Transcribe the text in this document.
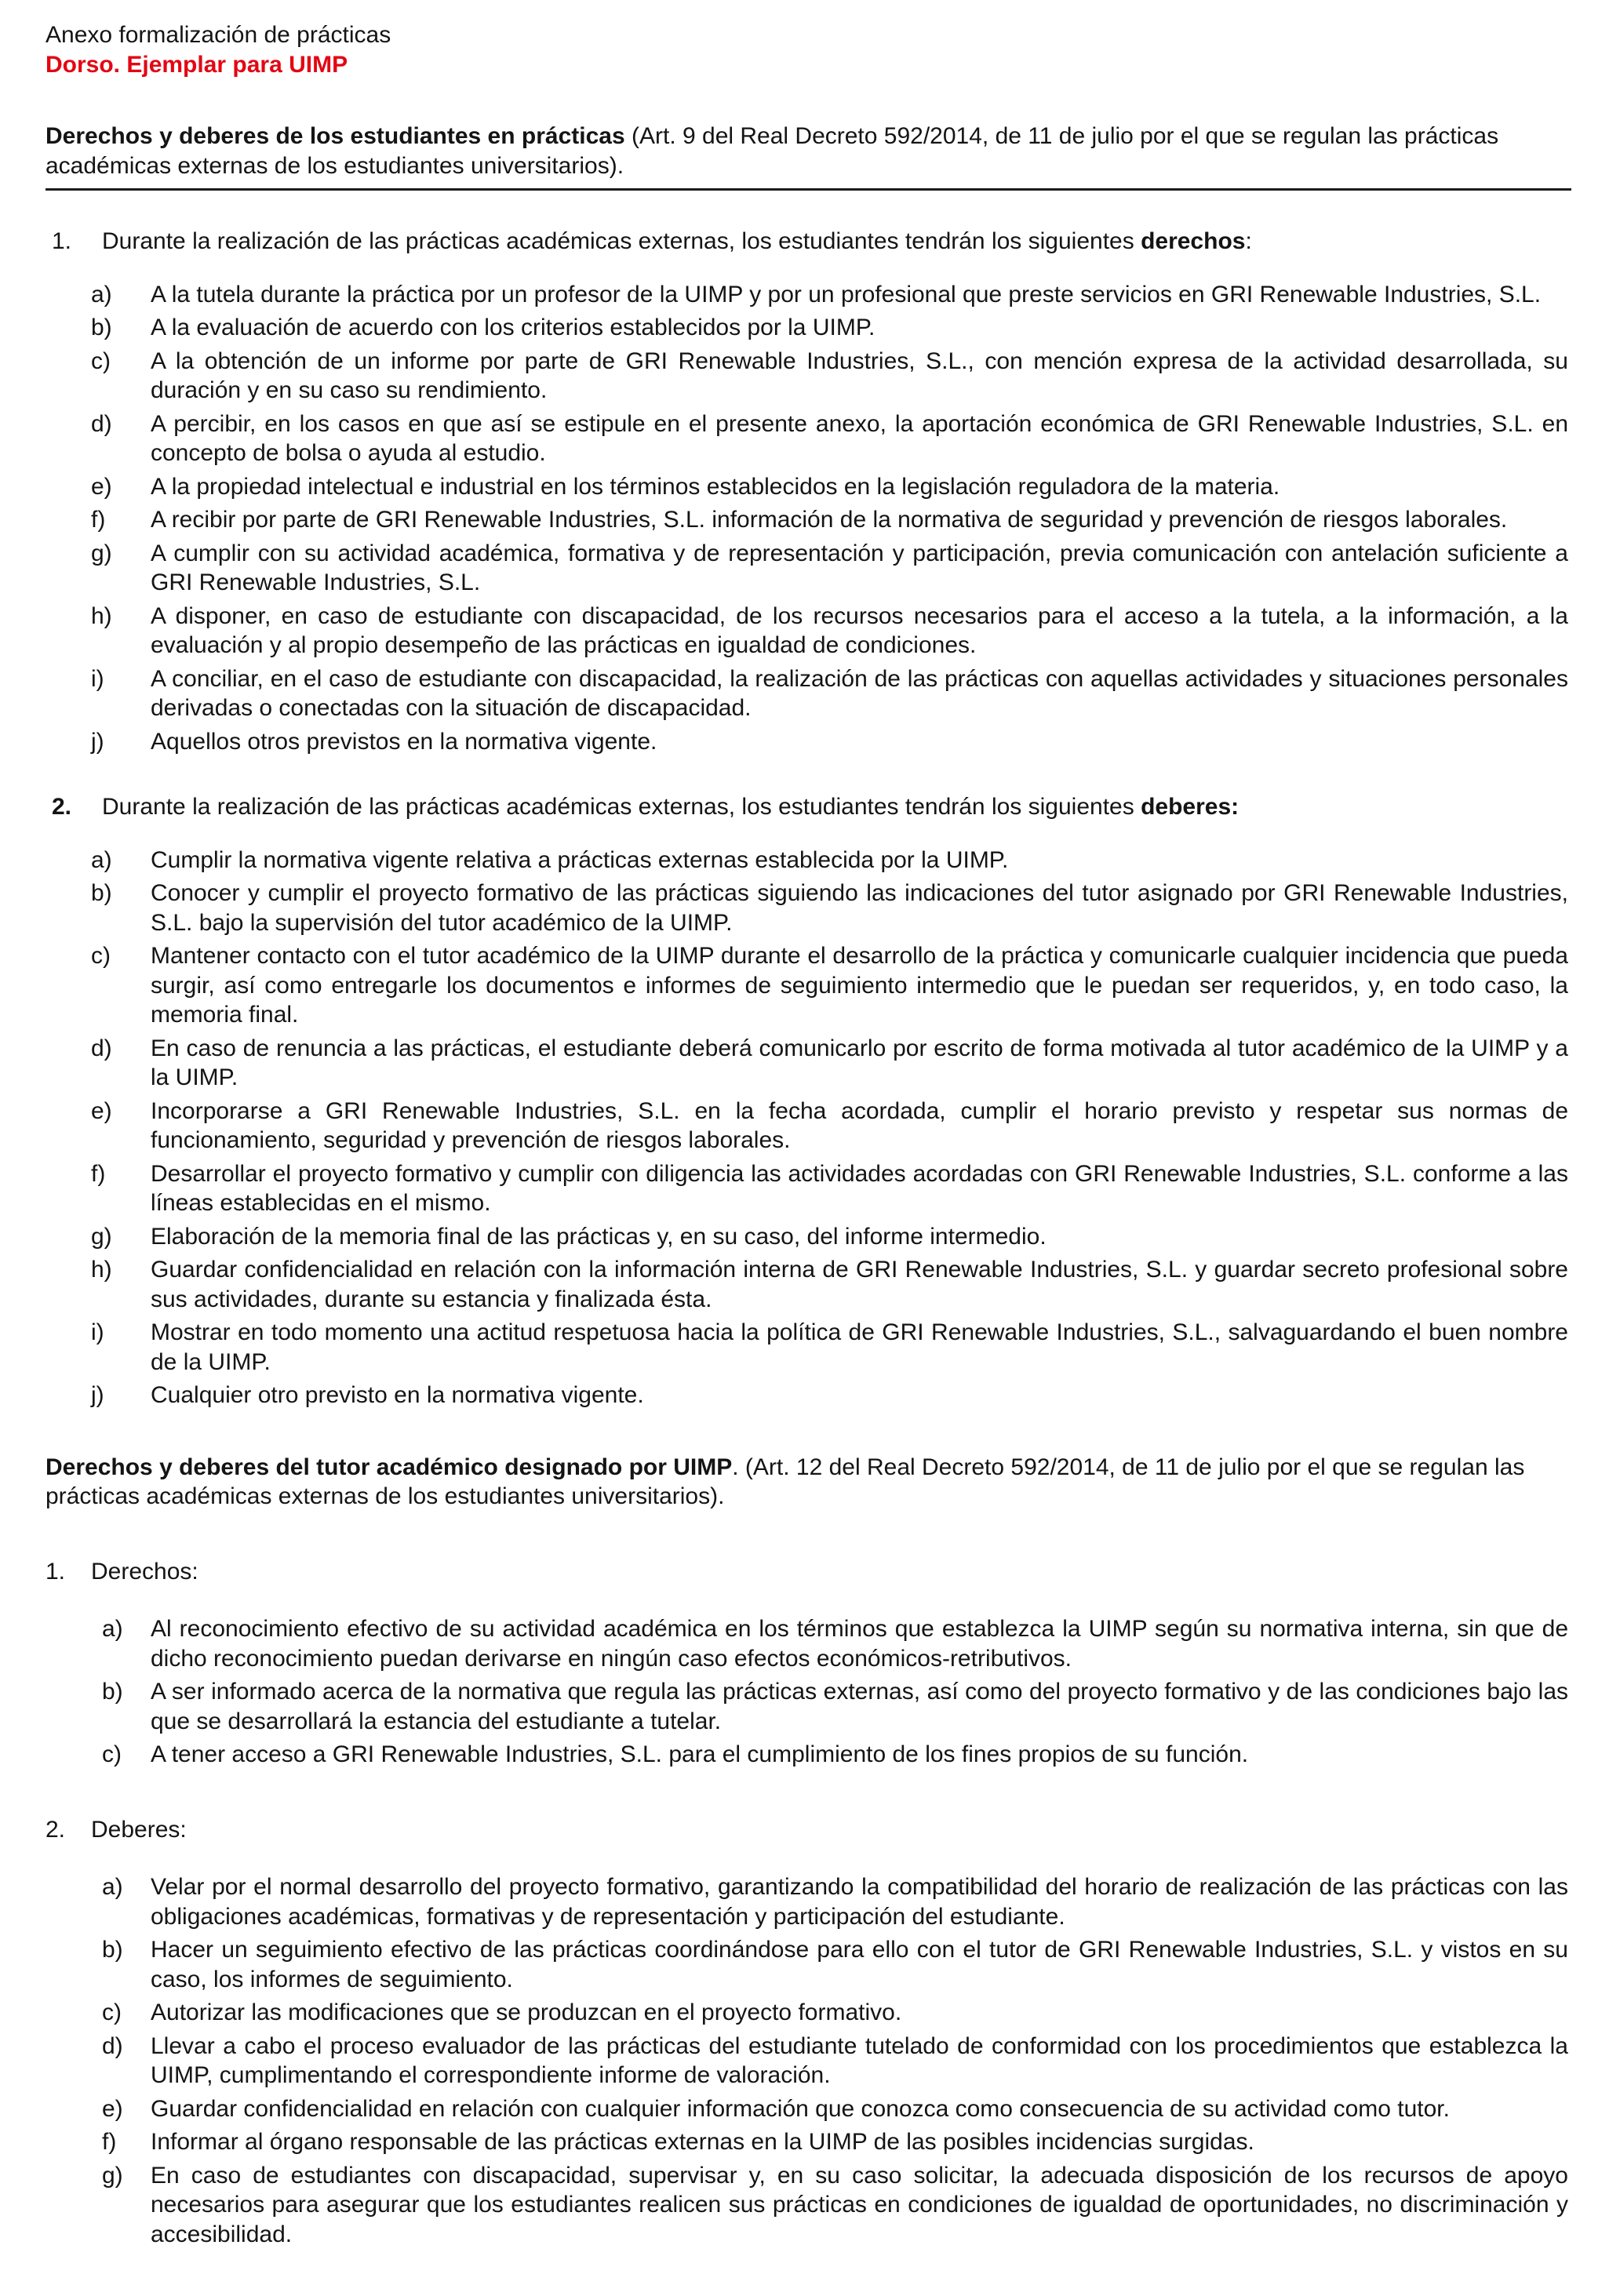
Anexo formalización de prácticas
Dorso. Ejemplar para UIMP

Derechos y deberes de los estudiantes en prácticas (Art. 9 del Real Decreto 592/2014, de 11 de julio por el que se regulan las prácticas académicas externas de los estudiantes universitarios).

1.	Durante la realización de las prácticas académicas externas, los estudiantes tendrán los siguientes derechos:
a)	A la tutela durante la práctica por un profesor de la UIMP y por un profesional que preste servicios en GRI Renewable Industries, S.L.
b)	A la evaluación de acuerdo con los criterios establecidos por la UIMP.
c)	A la obtención de un informe por parte de GRI Renewable Industries, S.L., con mención expresa de la actividad desarrollada, su duración y en su caso su rendimiento.
d)	A percibir, en los casos en que así se estipule en el presente anexo, la aportación económica de GRI Renewable Industries, S.L. en concepto de bolsa o ayuda al estudio.
e)	A la propiedad intelectual e industrial en los términos establecidos en la legislación reguladora de la materia.
f)	A recibir por parte de GRI Renewable Industries, S.L. información de la normativa de seguridad y prevención de riesgos laborales.
g)	A cumplir con su actividad académica, formativa y de representación y participación, previa comunicación con antelación suficiente a GRI Renewable Industries, S.L.
h)	A disponer, en caso de estudiante con discapacidad, de los recursos necesarios para el acceso a la tutela, a la información, a la evaluación y al propio desempeño de las prácticas en igualdad de condiciones.
i)	A conciliar, en el caso de estudiante con discapacidad, la realización de las prácticas con aquellas actividades y situaciones personales derivadas o conectadas con la situación de discapacidad.
j)	Aquellos otros previstos en la normativa vigente.
2.	Durante la realización de las prácticas académicas externas, los estudiantes tendrán los siguientes deberes:
a)	Cumplir la normativa vigente relativa a prácticas externas establecida por la UIMP.
b)	Conocer y cumplir el proyecto formativo de las prácticas siguiendo las indicaciones del tutor asignado por GRI Renewable Industries, S.L. bajo la supervisión del tutor académico de la UIMP.
c)	Mantener contacto con el tutor académico de la UIMP durante el desarrollo de la práctica y comunicarle cualquier incidencia que pueda surgir, así como entregarle los documentos e informes de seguimiento intermedio que le puedan ser requeridos, y, en todo caso, la memoria final.
d)	En caso de renuncia a las prácticas, el estudiante deberá comunicarlo por escrito de forma motivada al tutor académico de la UIMP y a la UIMP.
e)	Incorporarse a GRI Renewable Industries, S.L. en la fecha acordada, cumplir el horario previsto y respetar sus normas de funcionamiento, seguridad y prevención de riesgos laborales.
f)	Desarrollar el proyecto formativo y cumplir con diligencia las actividades acordadas con GRI Renewable Industries, S.L. conforme a las líneas establecidas en el mismo.
g)	Elaboración de la memoria final de las prácticas y, en su caso, del informe intermedio.
h)	Guardar confidencialidad en relación con la información interna de GRI Renewable Industries, S.L. y guardar secreto profesional sobre sus actividades, durante su estancia y finalizada ésta.
i)	Mostrar en todo momento una actitud respetuosa hacia la política de GRI Renewable Industries, S.L., salvaguardando el buen nombre de la UIMP.
j)	Cualquier otro previsto en la normativa vigente.

Derechos y deberes del tutor académico designado por UIMP. (Art. 12 del Real Decreto 592/2014, de 11 de julio por el que se regulan las prácticas académicas externas de los estudiantes universitarios).

1.	Derechos:
a)	Al reconocimiento efectivo de su actividad académica en los términos que establezca la UIMP según su normativa interna, sin que de dicho reconocimiento puedan derivarse en ningún caso efectos económicos-retributivos.
b)	A ser informado acerca de la normativa que regula las prácticas externas, así como del proyecto formativo y de las condiciones bajo las que se desarrollará la estancia del estudiante a tutelar.
c)	A tener acceso a GRI Renewable Industries, S.L. para el cumplimiento de los fines propios de su función.
2.	Deberes:
a)	Velar por el normal desarrollo del proyecto formativo, garantizando la compatibilidad del horario de realización de las prácticas con las obligaciones académicas, formativas y de representación y participación del estudiante.
b)	Hacer un seguimiento efectivo de las prácticas coordinándose para ello con el tutor de GRI Renewable Industries, S.L. y vistos en su caso, los informes de seguimiento.
c)	Autorizar las modificaciones que se produzcan en el proyecto formativo.
d)	Llevar a cabo el proceso evaluador de las prácticas del estudiante tutelado de conformidad con los procedimientos que establezca la UIMP, cumplimentando el correspondiente informe de valoración.
e)	Guardar confidencialidad en relación con cualquier información que conozca como consecuencia de su actividad como tutor.
f)	Informar al órgano responsable de las prácticas externas en la UIMP de las posibles incidencias surgidas.
g)	En caso de estudiantes con discapacidad, supervisar y, en su caso solicitar, la adecuada disposición de los recursos de apoyo necesarios para asegurar que los estudiantes realicen sus prácticas en condiciones de igualdad de oportunidades, no discriminación y accesibilidad.
